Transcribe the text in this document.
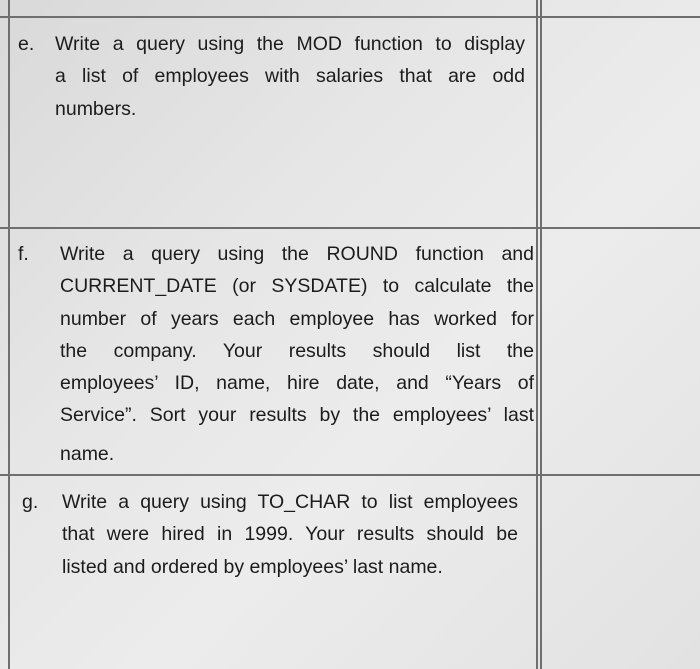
e. Write a query using the MOD function to display

a list of employees with salaries that are odd

numbers.

f. Write a query using the ROUND function and

CURRENT_DATE (or SYSDATE) to calculate the

number of years each employee has worked for

the company. Your results should list the

employees’ ID, name, hire date, and “Years of

Service”. Sort your results by the employees’ last

name.

g. Write a query using TO_CHAR to list employees

that were hired in 1999. Your results should be

listed and ordered by employees’ last name.
